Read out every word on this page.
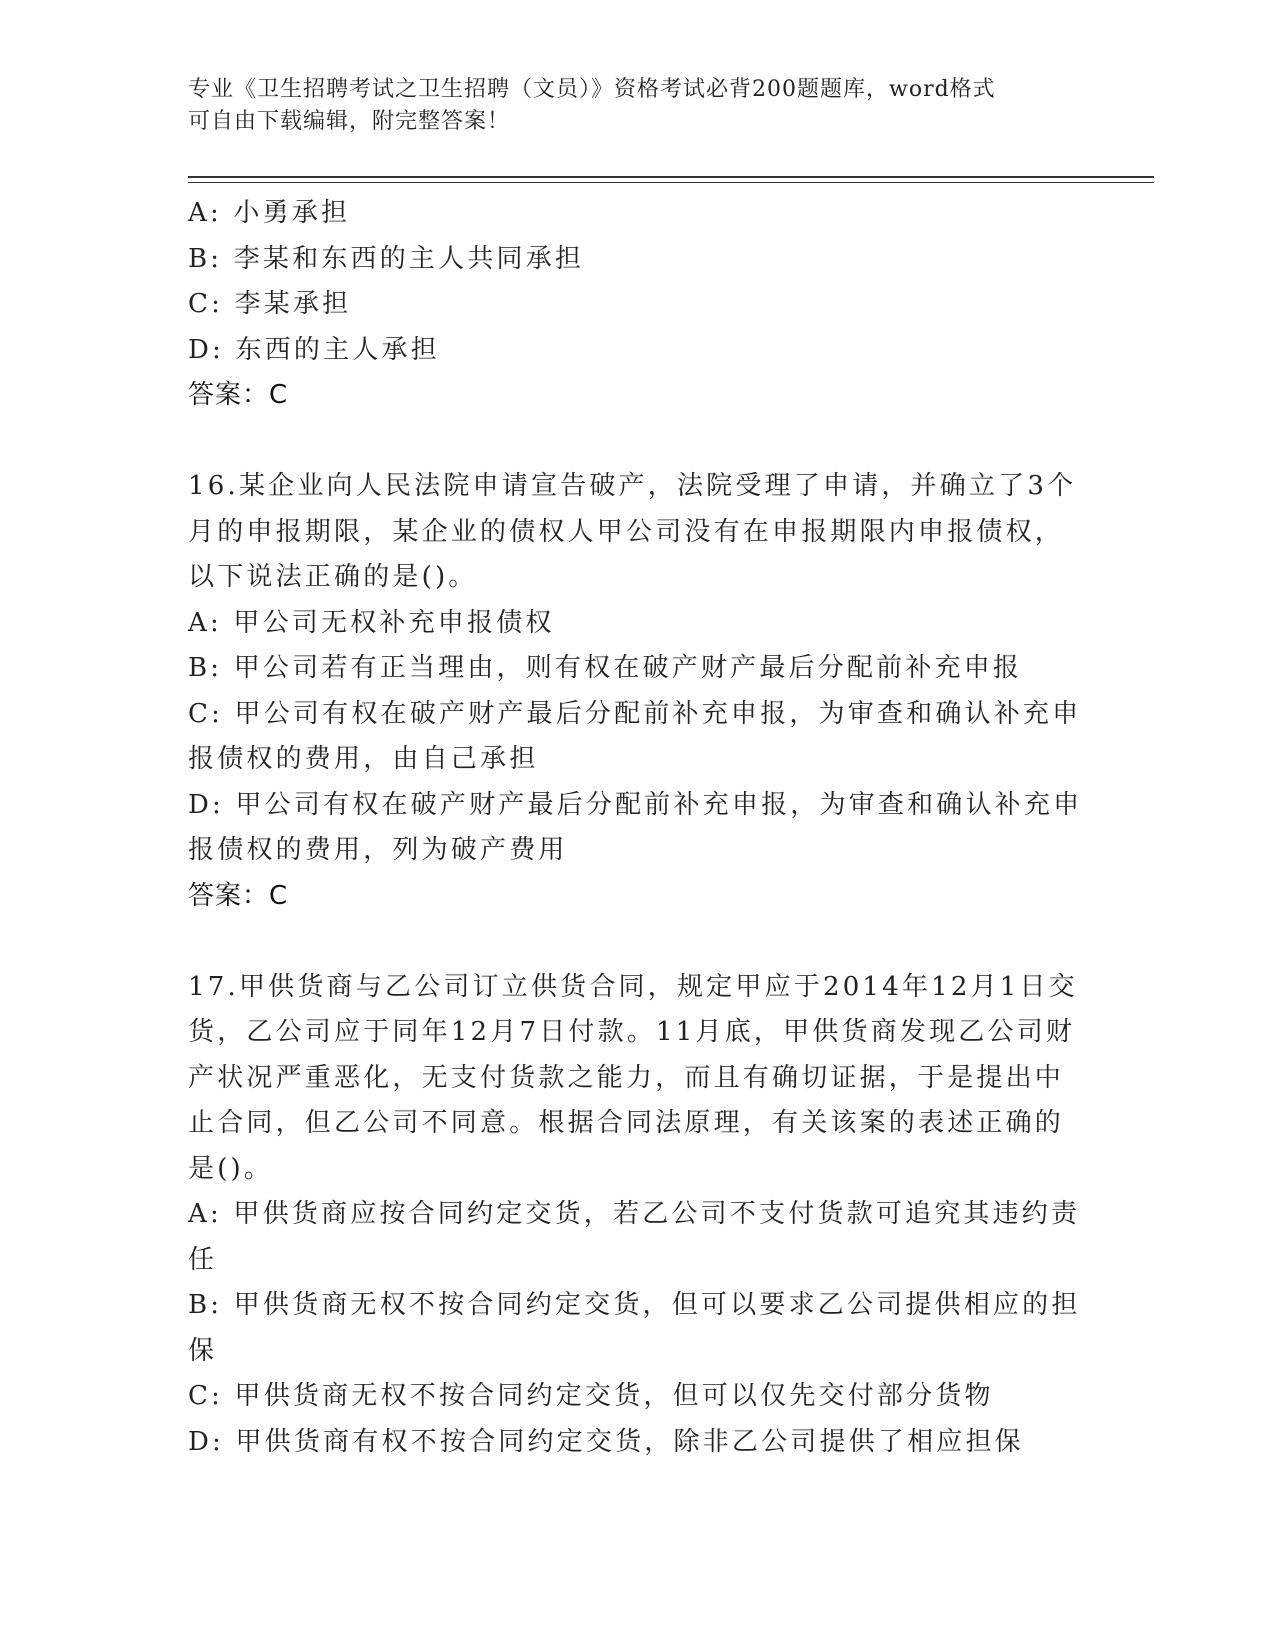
专业《卫生招聘考试之卫生招聘（文员）》资格考试必背200题题库，word格式
可自由下载编辑，附完整答案！
A: 小勇承担
B: 李某和东西的主人共同承担
C: 李某承担
D: 东西的主人承担
答案：C
16.某企业向人民法院申请宣告破产，法院受理了申请，并确立了3个
月的申报期限，某企业的债权人甲公司没有在申报期限内申报债权，
以下说法正确的是()。
A: 甲公司无权补充申报债权
B: 甲公司若有正当理由，则有权在破产财产最后分配前补充申报
C: 甲公司有权在破产财产最后分配前补充申报，为审查和确认补充申
报债权的费用，由自己承担
D: 甲公司有权在破产财产最后分配前补充申报，为审查和确认补充申
报债权的费用，列为破产费用
答案：C
17.甲供货商与乙公司订立供货合同，规定甲应于2014年12月1日交
货，乙公司应于同年12月7日付款。11月底，甲供货商发现乙公司财
产状况严重恶化，无支付货款之能力，而且有确切证据，于是提出中
止合同，但乙公司不同意。根据合同法原理，有关该案的表述正确的
是()。
A: 甲供货商应按合同约定交货，若乙公司不支付货款可追究其违约责
任
B: 甲供货商无权不按合同约定交货，但可以要求乙公司提供相应的担
保
C: 甲供货商无权不按合同约定交货，但可以仅先交付部分货物
D: 甲供货商有权不按合同约定交货，除非乙公司提供了相应担保
